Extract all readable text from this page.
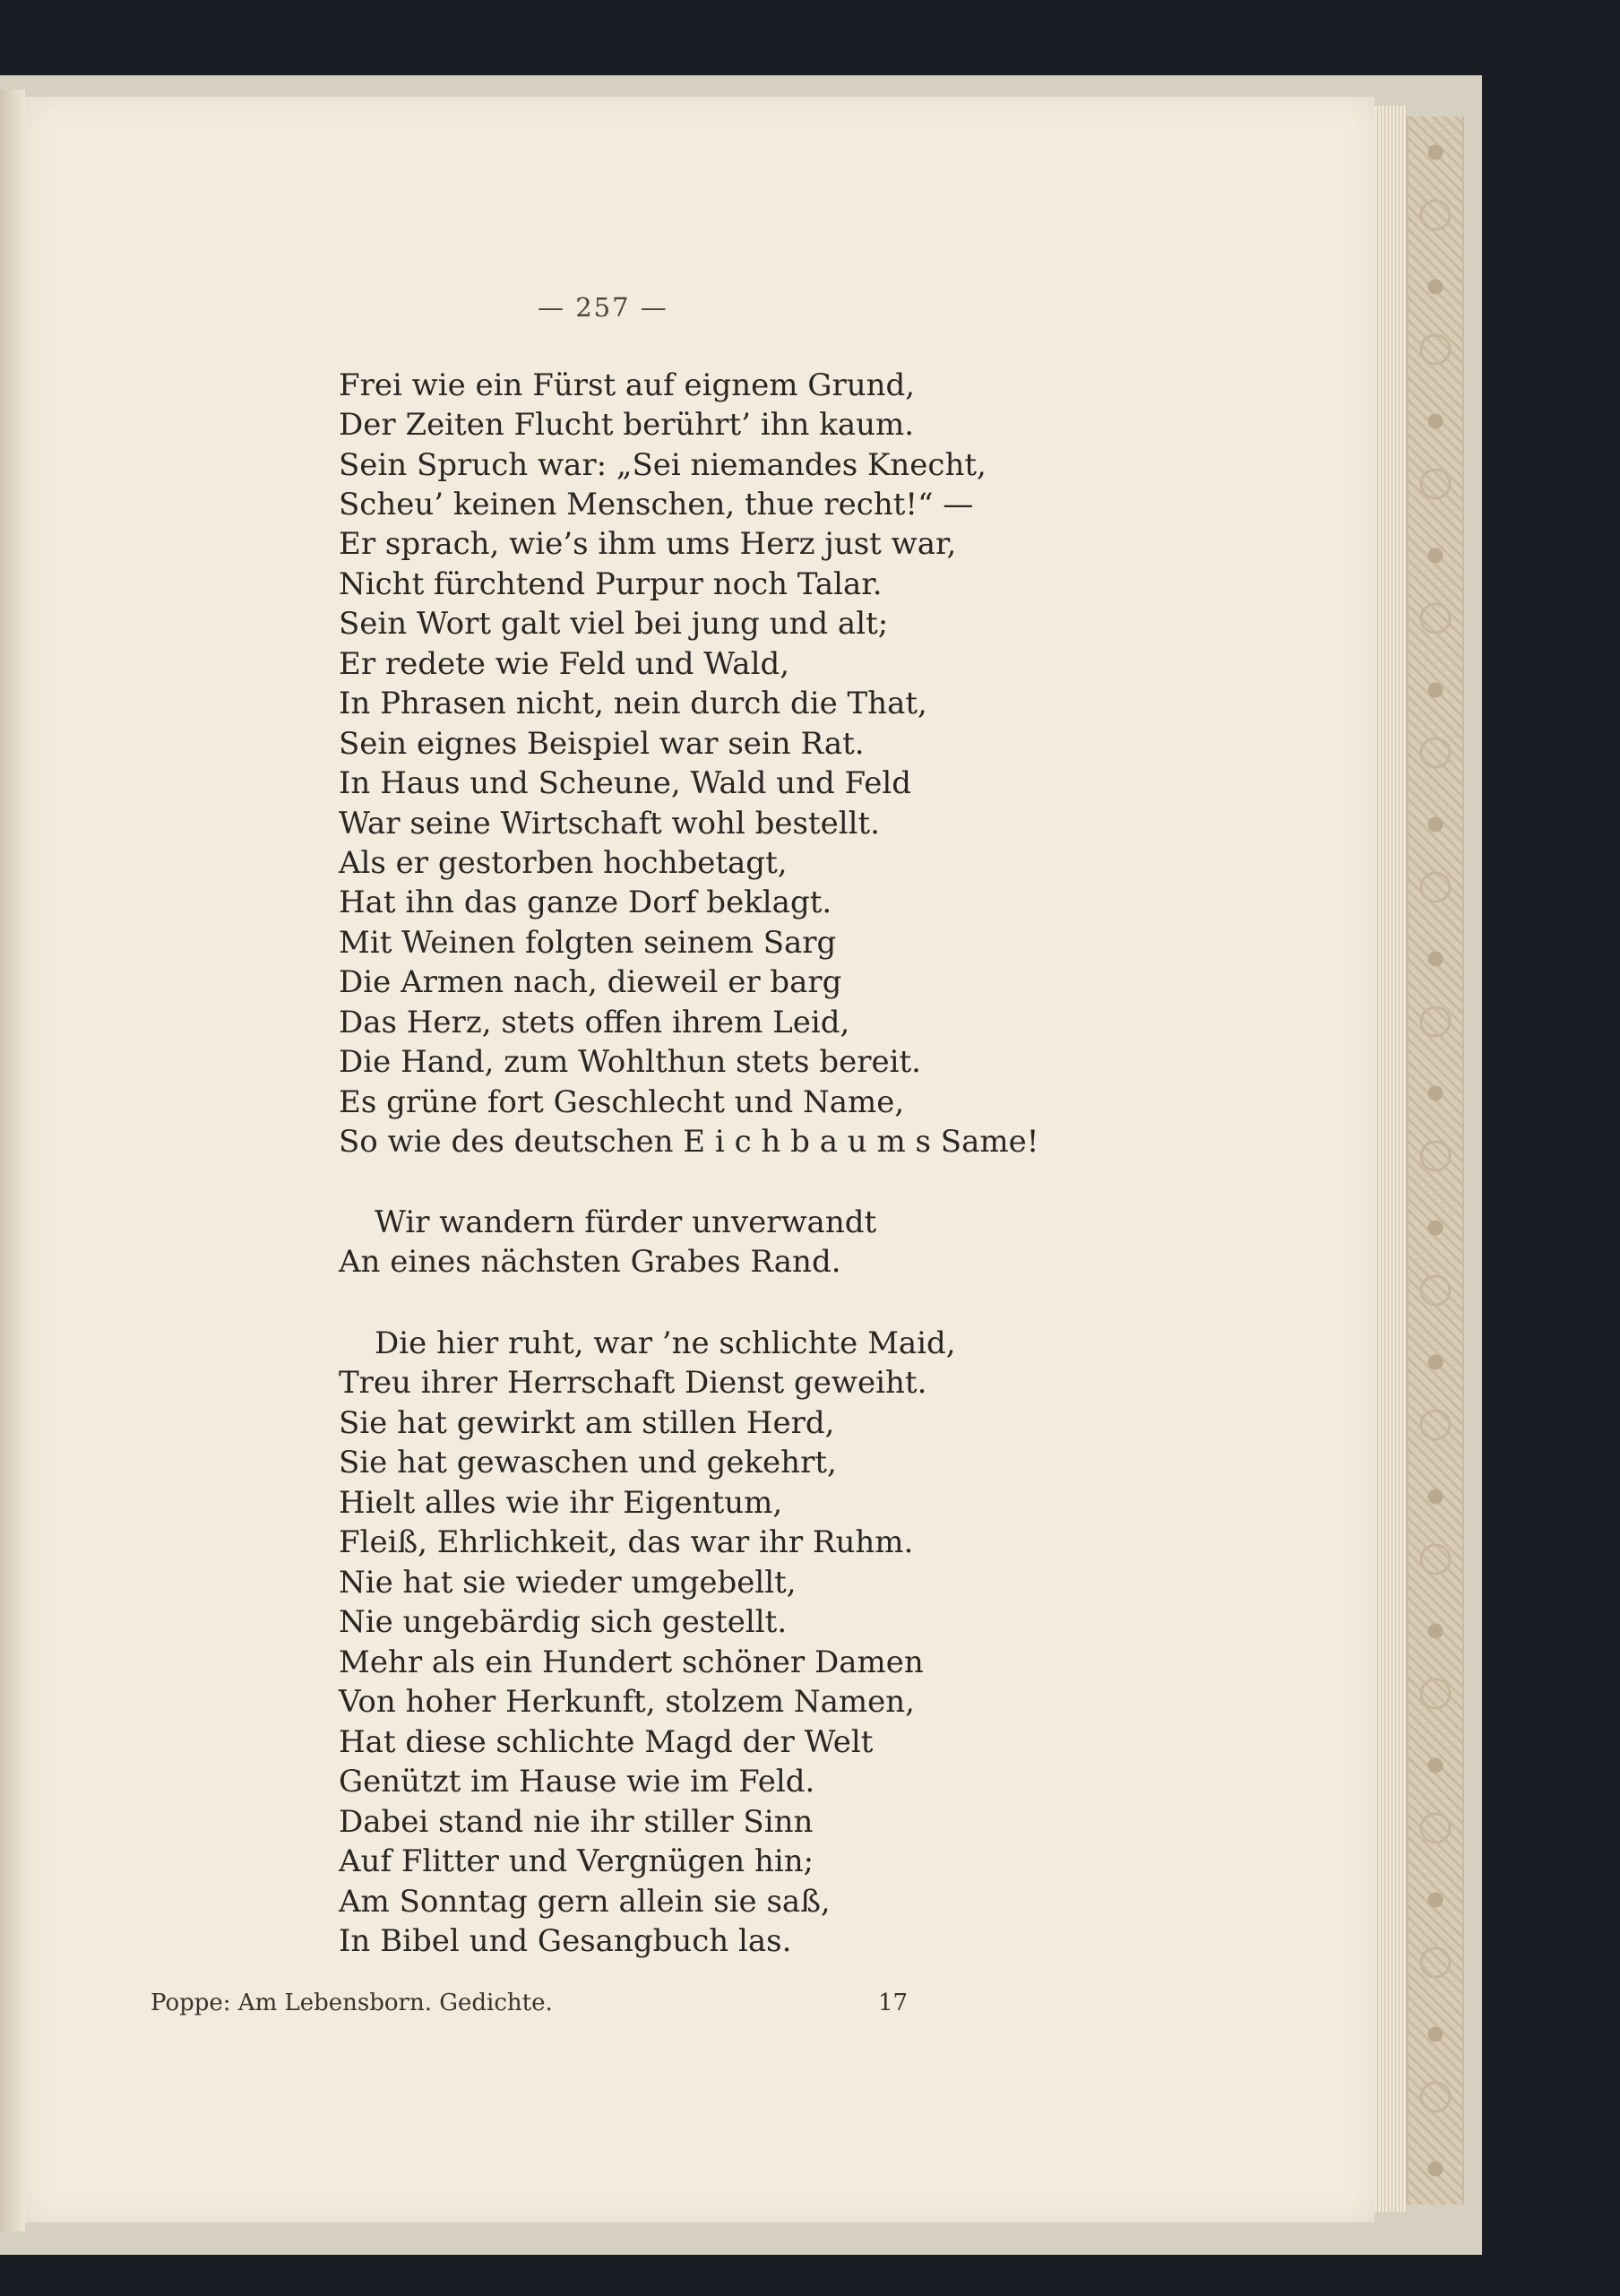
— 257 —
Frei wie ein Fürst auf eignem Grund,
Der Zeiten Flucht berührt’ ihn kaum.
Sein Spruch war: „Sei niemandes Knecht,
Scheu’ keinen Menschen, thue recht!“ —
Er sprach, wie’s ihm ums Herz just war,
Nicht fürchtend Purpur noch Talar.
Sein Wort galt viel bei jung und alt;
Er redete wie Feld und Wald,
In Phrasen nicht, nein durch die That,
Sein eignes Beispiel war sein Rat.
In Haus und Scheune, Wald und Feld
War seine Wirtschaft wohl bestellt.
Als er gestorben hochbetagt,
Hat ihn das ganze Dorf beklagt.
Mit Weinen folgten seinem Sarg
Die Armen nach, dieweil er barg
Das Herz, stets offen ihrem Leid,
Die Hand, zum Wohlthun stets bereit.
Es grüne fort Geschlecht und Name,
So wie des deutschen E i c h b a u m s Same!
Wir wandern fürder unverwandt
An eines nächsten Grabes Rand.
Die hier ruht, war ’ne schlichte Maid,
Treu ihrer Herrschaft Dienst geweiht.
Sie hat gewirkt am stillen Herd,
Sie hat gewaschen und gekehrt,
Hielt alles wie ihr Eigentum,
Fleiß, Ehrlichkeit, das war ihr Ruhm.
Nie hat sie wieder umgebellt,
Nie ungebärdig sich gestellt.
Mehr als ein Hundert schöner Damen
Von hoher Herkunft, stolzem Namen,
Hat diese schlichte Magd der Welt
Genützt im Hause wie im Feld.
Dabei stand nie ihr stiller Sinn
Auf Flitter und Vergnügen hin;
Am Sonntag gern allein sie saß,
In Bibel und Gesangbuch las.
Poppe: Am Lebensborn. Gedichte.	17
